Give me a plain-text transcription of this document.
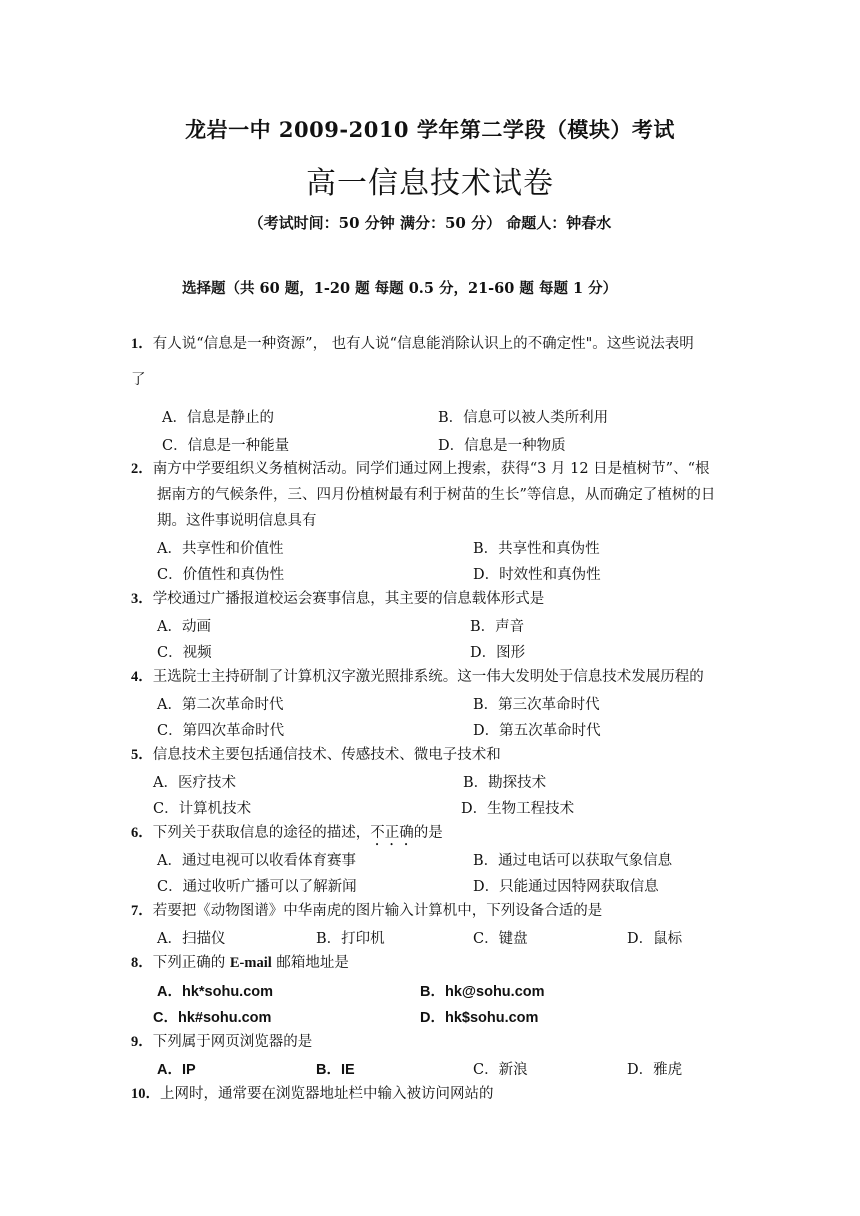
龙岩一中 2009-2010 学年第二学段（模块）考试
高一信息技术试卷
（考试时间：50 分钟 满分：50 分） 命题人：钟春水
选择题（共 60 题，1-20 题 每题 0.5 分，21-60 题 每题 1 分）
1．有人说“信息是一种资源”， 也有人说“信息能消除认识上的不确定性"。这些说法表明
了
A．信息是静止的	B．信息可以被人类所利用
C．信息是一种能量	D．信息是一种物质
2．南方中学要组织义务植树活动。同学们通过网上搜索，获得“3 月 12 日是植树节”、“根
据南方的气候条件，三、四月份植树最有利于树苗的生长”等信息，从而确定了植树的日
期。这件事说明信息具有
A．共享性和价值性	B．共享性和真伪性
C．价值性和真伪性	D．时效性和真伪性
3．学校通过广播报道校运会赛事信息，其主要的信息载体形式是
A．动画	B．声音
C．视频	D．图形
4．王选院士主持研制了计算机汉字激光照排系统。这一伟大发明处于信息技术发展历程的
A．第二次革命时代	B．第三次革命时代
C．第四次革命时代	D．第五次革命时代
5．信息技术主要包括通信技术、传感技术、微电子技术和
A．医疗技术	B．勘探技术
C．计算机技术	D．生物工程技术
6．下列关于获取信息的途径的描述，不正确的是
A．通过电视可以收看体育赛事	B．通过电话可以获取气象信息
C．通过收听广播可以了解新闻	D．只能通过因特网获取信息
7．若要把《动物图谱》中华南虎的图片输入计算机中，下列设备合适的是
A．扫描仪	B．打印机	C．键盘	D．鼠标
8．下列正确的 E-mail 邮箱地址是
A．hk*sohu.com	B．hk@sohu.com
C．hk#sohu.com	D．hk$sohu.com
9．下列属于网页浏览器的是
A．IP	B．IE	C．新浪	D．雅虎
10．上网时，通常要在浏览器地址栏中输入被访问网站的
